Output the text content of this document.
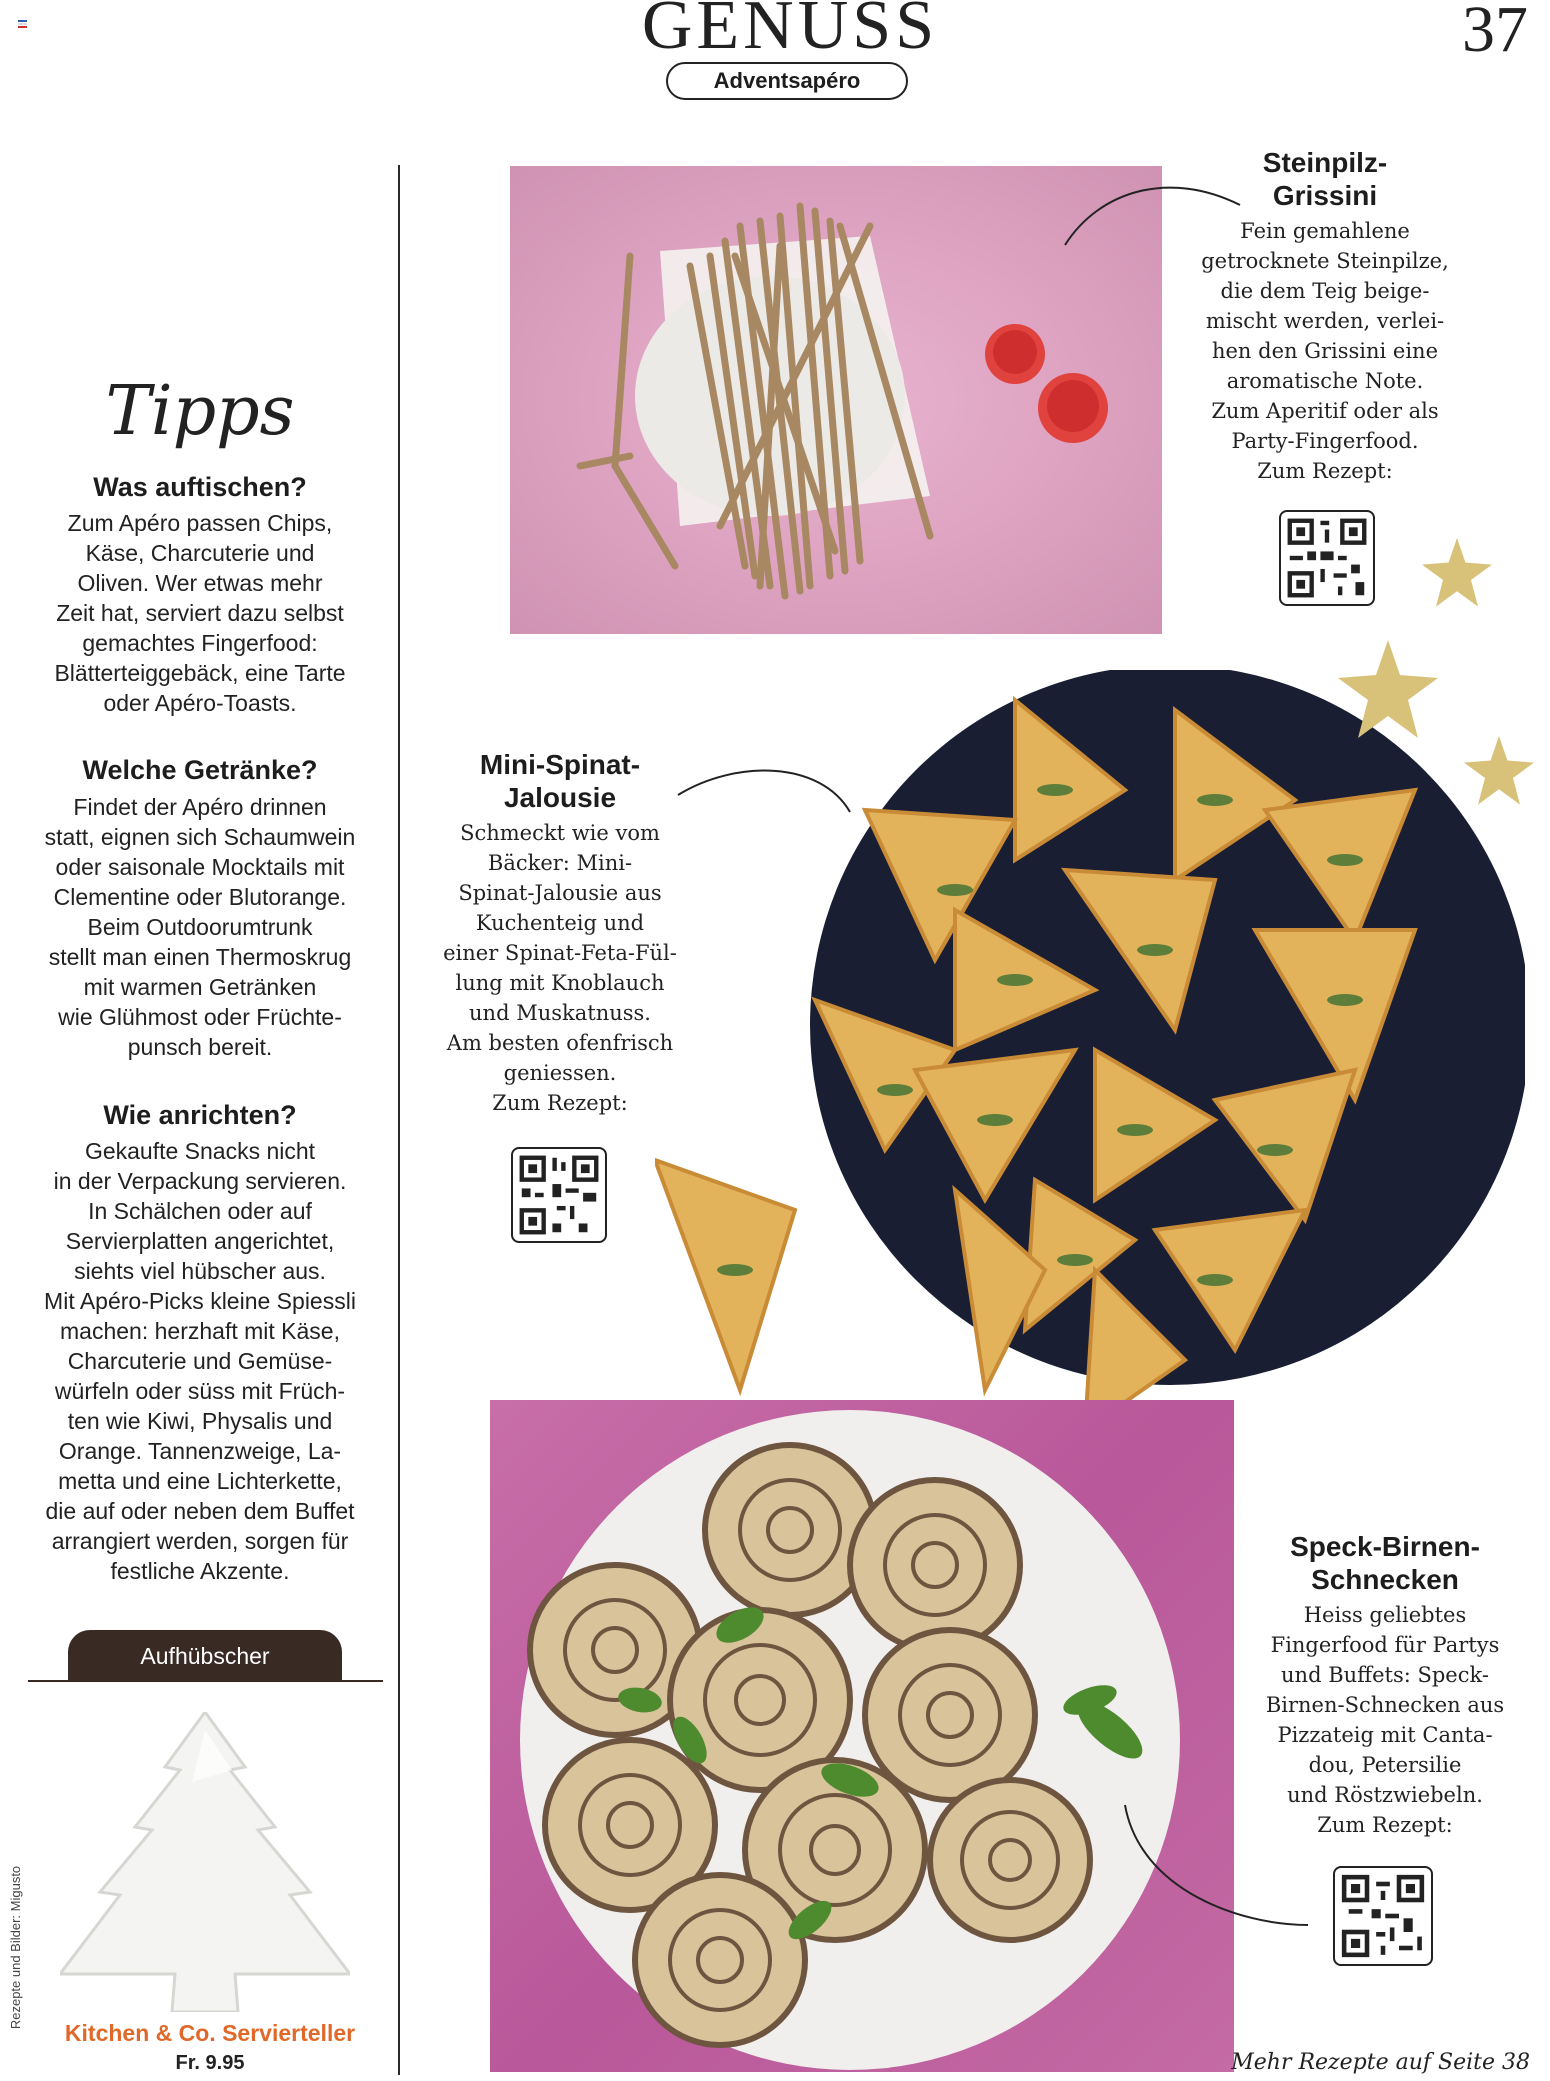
GENUSS	37
Adventsapéro
Tipps
Was auftischen?
Zum Apéro passen Chips,
Käse, Charcuterie und
Oliven. Wer etwas mehr
Zeit hat, serviert dazu selbst
gemachtes Fingerfood:
Blätterteiggebäck, eine Tarte
oder Apéro-Toasts.
Welche Getränke?
Findet der Apéro drinnen
statt, eignen sich Schaumwein
oder saisonale Mocktails mit
Clementine oder Blutorange.
Beim Outdoorumtrunk
stellt man einen Thermoskrug
mit warmen Getränken
wie Glühmost oder Früchte-
punsch bereit.
Wie anrichten?
Gekaufte Snacks nicht
in der Verpackung servieren.
In Schälchen oder auf
Servierplatten angerichtet,
siehts viel hübscher aus.
Mit Apéro-Picks kleine Spiessli
machen: herzhaft mit Käse,
Charcuterie und Gemüse-
würfeln oder süss mit Früch-
ten wie Kiwi, Physalis und
Orange. Tannenzweige, La-
metta und eine Lichterkette,
die auf oder neben dem Buffet
arrangiert werden, sorgen für
festliche Akzente.
Aufhübscher
Kitchen & Co. Servierteller
Fr. 9.95
Rezepte und Bilder: Migusto
Steinpilz-
Grissini
Fein gemahlene
getrocknete Steinpilze,
die dem Teig beige-
mischt werden, verlei-
hen den Grissini eine
aromatische Note.
Zum Aperitif oder als
Party-Fingerfood.
Zum Rezept:
Mini-Spinat-
Jalousie
Schmeckt wie vom
Bäcker: Mini-
Spinat-Jalousie aus
Kuchenteig und
einer Spinat-Feta-Fül-
lung mit Knoblauch
und Muskatnuss.
Am besten ofenfrisch
geniessen.
Zum Rezept:
Speck-Birnen-
Schnecken
Heiss geliebtes
Fingerfood für Partys
und Buffets: Speck-
Birnen-Schnecken aus
Pizzateig mit Canta-
dou, Petersilie
und Röstzwiebeln.
Zum Rezept:
Mehr Rezepte auf Seite 38
